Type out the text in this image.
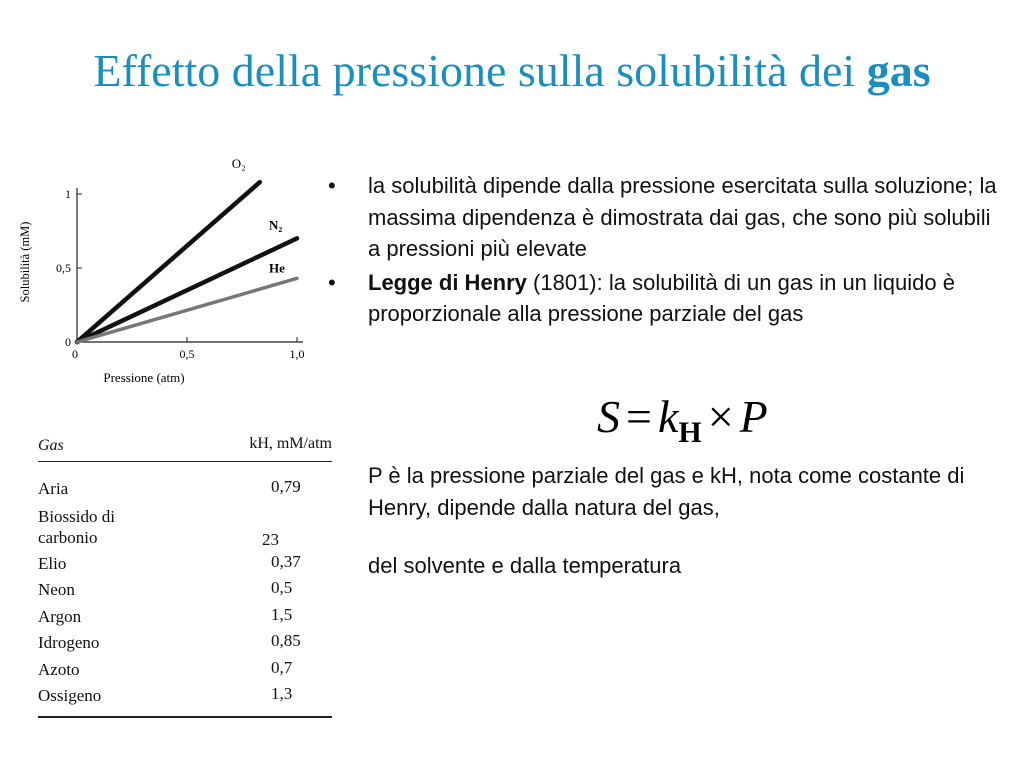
Effetto della pressione sulla solubilità dei gas
0	0,5	1,0
0
0,5
1
Pressione (atm)
Solubilità (mM)
O₂
N₂
He
Gas	kH, mM/atm
Aria	0,79
Biossido di carbonio	23
Elio	0,37
Neon	0,5
Argon	1,5
Idrogeno	0,85
Azoto	0,7
Ossigeno	1,3
• la solubilità dipende dalla pressione esercitata sulla soluzione; la massima dipendenza è dimostrata dai gas, che sono più solubili a pressioni più elevate
• Legge di Henry (1801): la solubilità di un gas in un liquido è proporzionale alla pressione parziale del gas
$S = k_H \times P$
P è la pressione parziale del gas e kH, nota come costante di Henry, dipende dalla natura del gas,
del solvente e dalla temperatura
